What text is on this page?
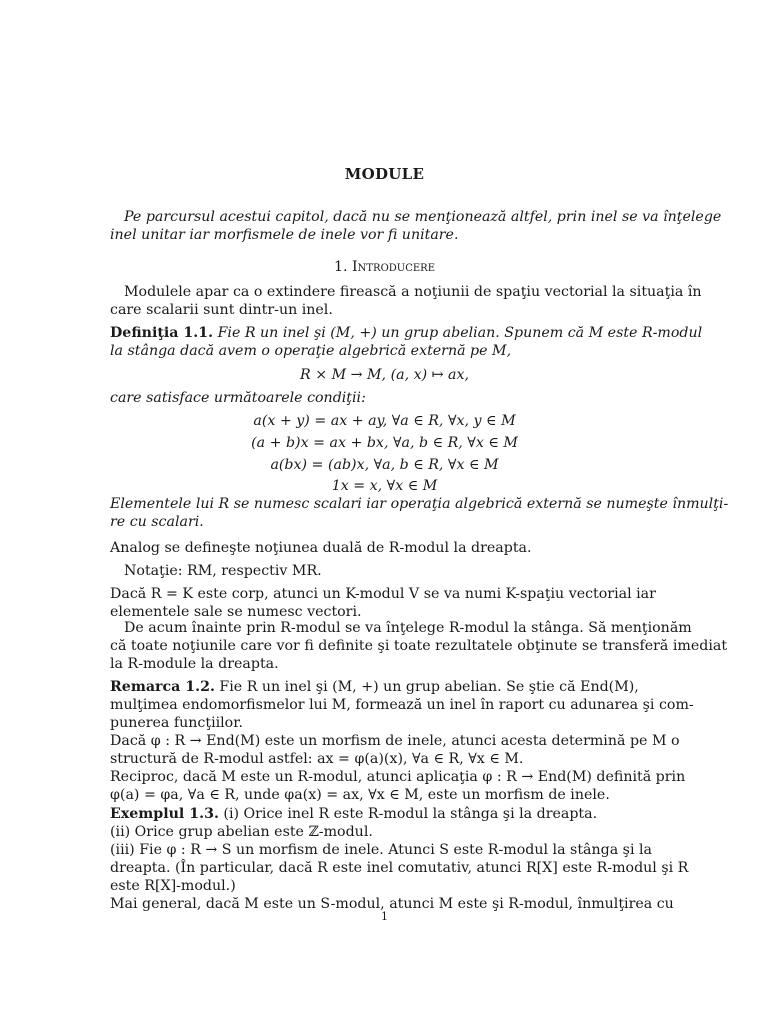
MODULE
Pe parcursul acestui capitol, dacă nu se menţionează altfel, prin inel se va înţelege
inel unitar iar morfismele de inele vor fi unitare.
1. Introducere
Modulele apar ca o extindere firească a noţiunii de spaţiu vectorial la situaţia în
care scalarii sunt dintr-un inel.
Definiţia 1.1. Fie R un inel şi (M, +) un grup abelian. Spunem că M este R-modul
la stânga dacă avem o operaţie algebrică externă pe M,
R × M → M, (a, x) ↦ ax,
care satisface următoarele condiţii:
a(x + y) = ax + ay, ∀a ∈ R, ∀x, y ∈ M
(a + b)x = ax + bx, ∀a, b ∈ R, ∀x ∈ M
a(bx) = (ab)x, ∀a, b ∈ R, ∀x ∈ M
1x = x, ∀x ∈ M
Elementele lui R se numesc scalari iar operaţia algebrică externă se numeşte înmulţi-
re cu scalari.
Analog se defineşte noţiunea duală de R-modul la dreapta.
Notaţie: RM, respectiv MR.
Dacă R = K este corp, atunci un K-modul V se va numi K-spaţiu vectorial iar
elementele sale se numesc vectori.
De acum înainte prin R-modul se va înţelege R-modul la stânga. Să menţionăm
că toate noţiunile care vor fi definite şi toate rezultatele obţinute se transferă imediat
la R-module la dreapta.
Remarca 1.2. Fie R un inel şi (M, +) un grup abelian. Se ştie că End(M),
mulţimea endomorfismelor lui M, formează un inel în raport cu adunarea şi com-
punerea funcţiilor.
Dacă φ : R → End(M) este un morfism de inele, atunci acesta determină pe M o
structură de R-modul astfel: ax = φ(a)(x), ∀a ∈ R, ∀x ∈ M.
Reciproc, dacă M este un R-modul, atunci aplicaţia φ : R → End(M) definită prin
φ(a) = φa, ∀a ∈ R, unde φa(x) = ax, ∀x ∈ M, este un morfism de inele.
Exemplul 1.3. (i) Orice inel R este R-modul la stânga şi la dreapta.
(ii) Orice grup abelian este ℤ-modul.
(iii) Fie φ : R → S un morfism de inele. Atunci S este R-modul la stânga şi la
dreapta. (În particular, dacă R este inel comutativ, atunci R[X] este R-modul şi R
este R[X]-modul.)
Mai general, dacă M este un S-modul, atunci M este şi R-modul, înmulţirea cu
1
